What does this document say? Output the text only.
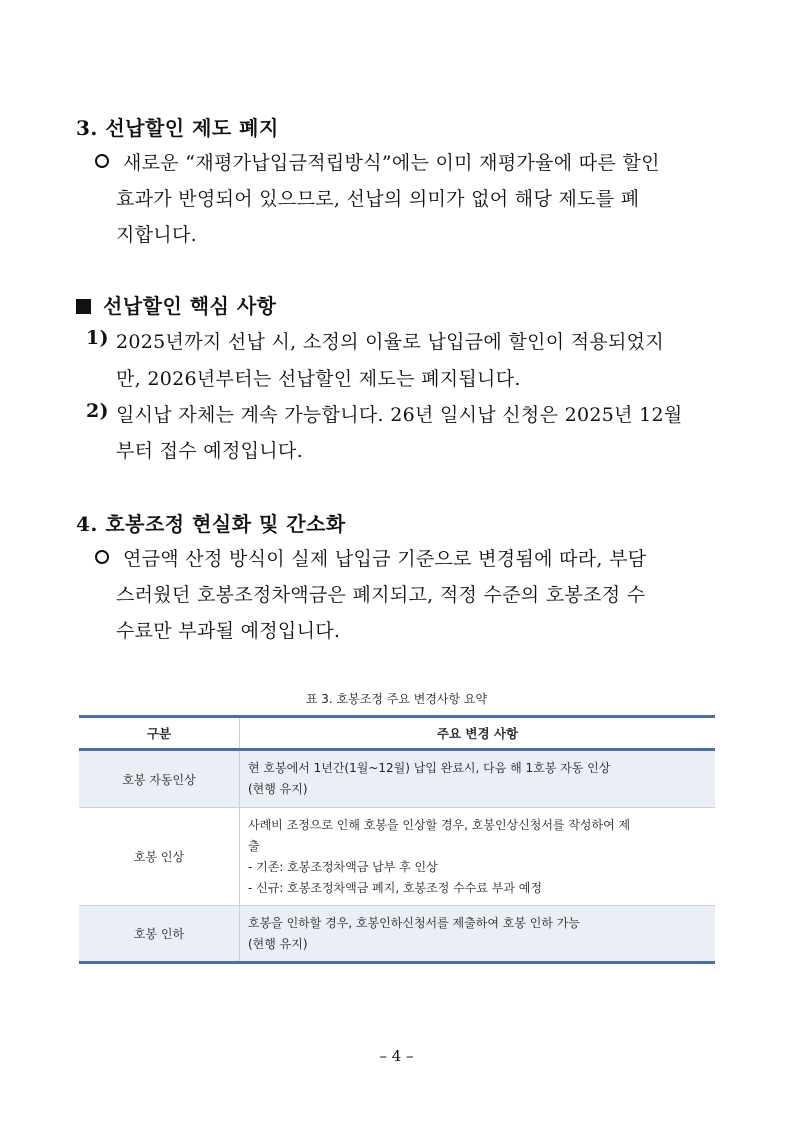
3. 선납할인 제도 폐지
새로운 “재평가납입금적립방식”에는 이미 재평가율에 따른 할인
효과가 반영되어 있으므로, 선납의 의미가 없어 해당 제도를 폐
지합니다.
선납할인 핵심 사항
1) 2025년까지 선납 시, 소정의 이율로 납입금에 할인이 적용되었지
만, 2026년부터는 선납할인 제도는 폐지됩니다.
2) 일시납 자체는 계속 가능합니다. 26년 일시납 신청은 2025년 12월
부터 접수 예정입니다.
4. 호봉조정 현실화 및 간소화
연금액 산정 방식이 실제 납입금 기준으로 변경됨에 따라, 부담
스러웠던 호봉조정차액금은 폐지되고, 적정 수준의 호봉조정 수
수료만 부과될 예정입니다.
표 3. 호봉조정 주요 변경사항 요약
구분	주요 변경 사항
호봉 자동인상	현 호봉에서 1년간(1월~12월) 납입 완료시, 다음 해 1호봉 자동 인상
(현행 유지)

호봉 인상	사례비 조정으로 인해 호봉을 인상할 경우, 호봉인상신청서를 작성하여 제
출
- 기존: 호봉조정차액금 납부 후 인상
- 신규: 호봉조정차액금 폐지, 호봉조정 수수료 부과 예정

호봉 인하	호봉을 인하할 경우, 호봉인하신청서를 제출하여 호봉 인하 가능
(현행 유지)
– 4 –
